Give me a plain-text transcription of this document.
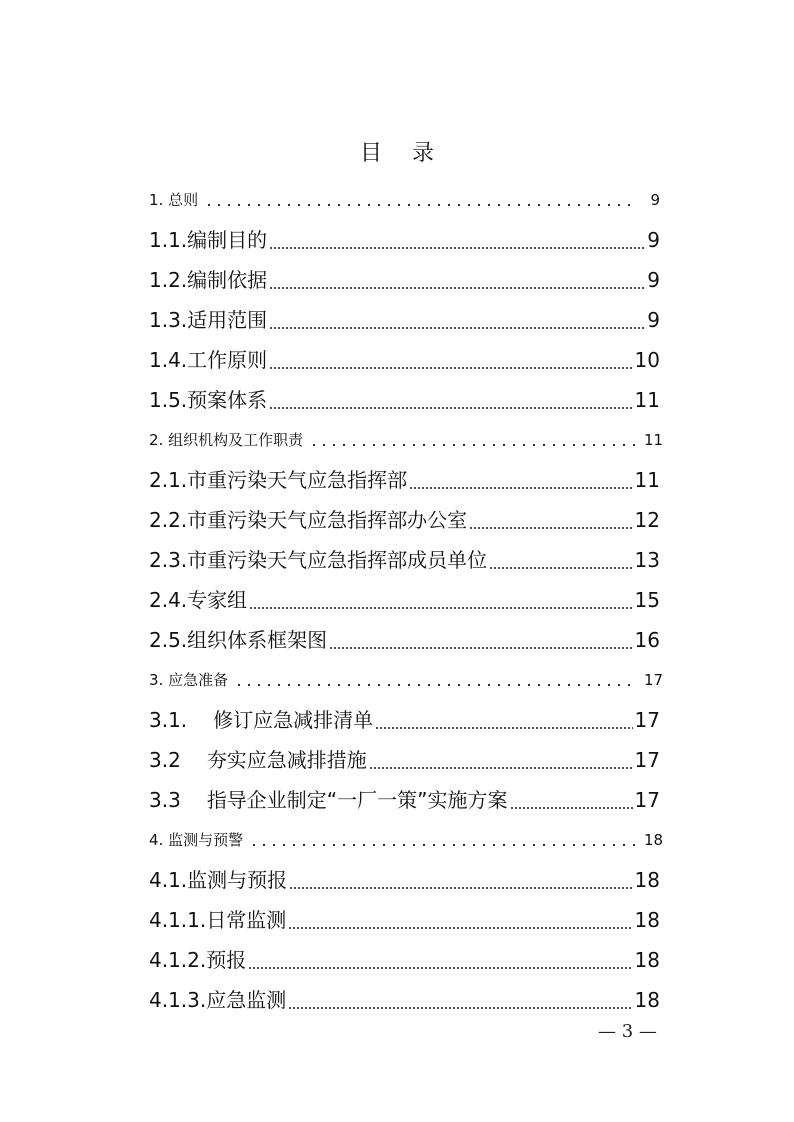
目 录
1. 总则	9
1.1.编制目的	9
1.2.编制依据	9
1.3.适用范围	9
1.4.工作原则	10
1.5.预案体系	11
2. 组织机构及工作职责	11
2.1.市重污染天气应急指挥部	11
2.2.市重污染天气应急指挥部办公室	12
2.3.市重污染天气应急指挥部成员单位	13
2.4.专家组	15
2.5.组织体系框架图	16
3. 应急准备	17
3.1. 修订应急减排清单	17
3.2 夯实应急减排措施	17
3.3 指导企业制定“一厂一策”实施方案	17
4. 监测与预警	18
4.1.监测与预报	18
4.1.1.日常监测	18
4.1.2.预报	18
4.1.3.应急监测	18
— 3 —
